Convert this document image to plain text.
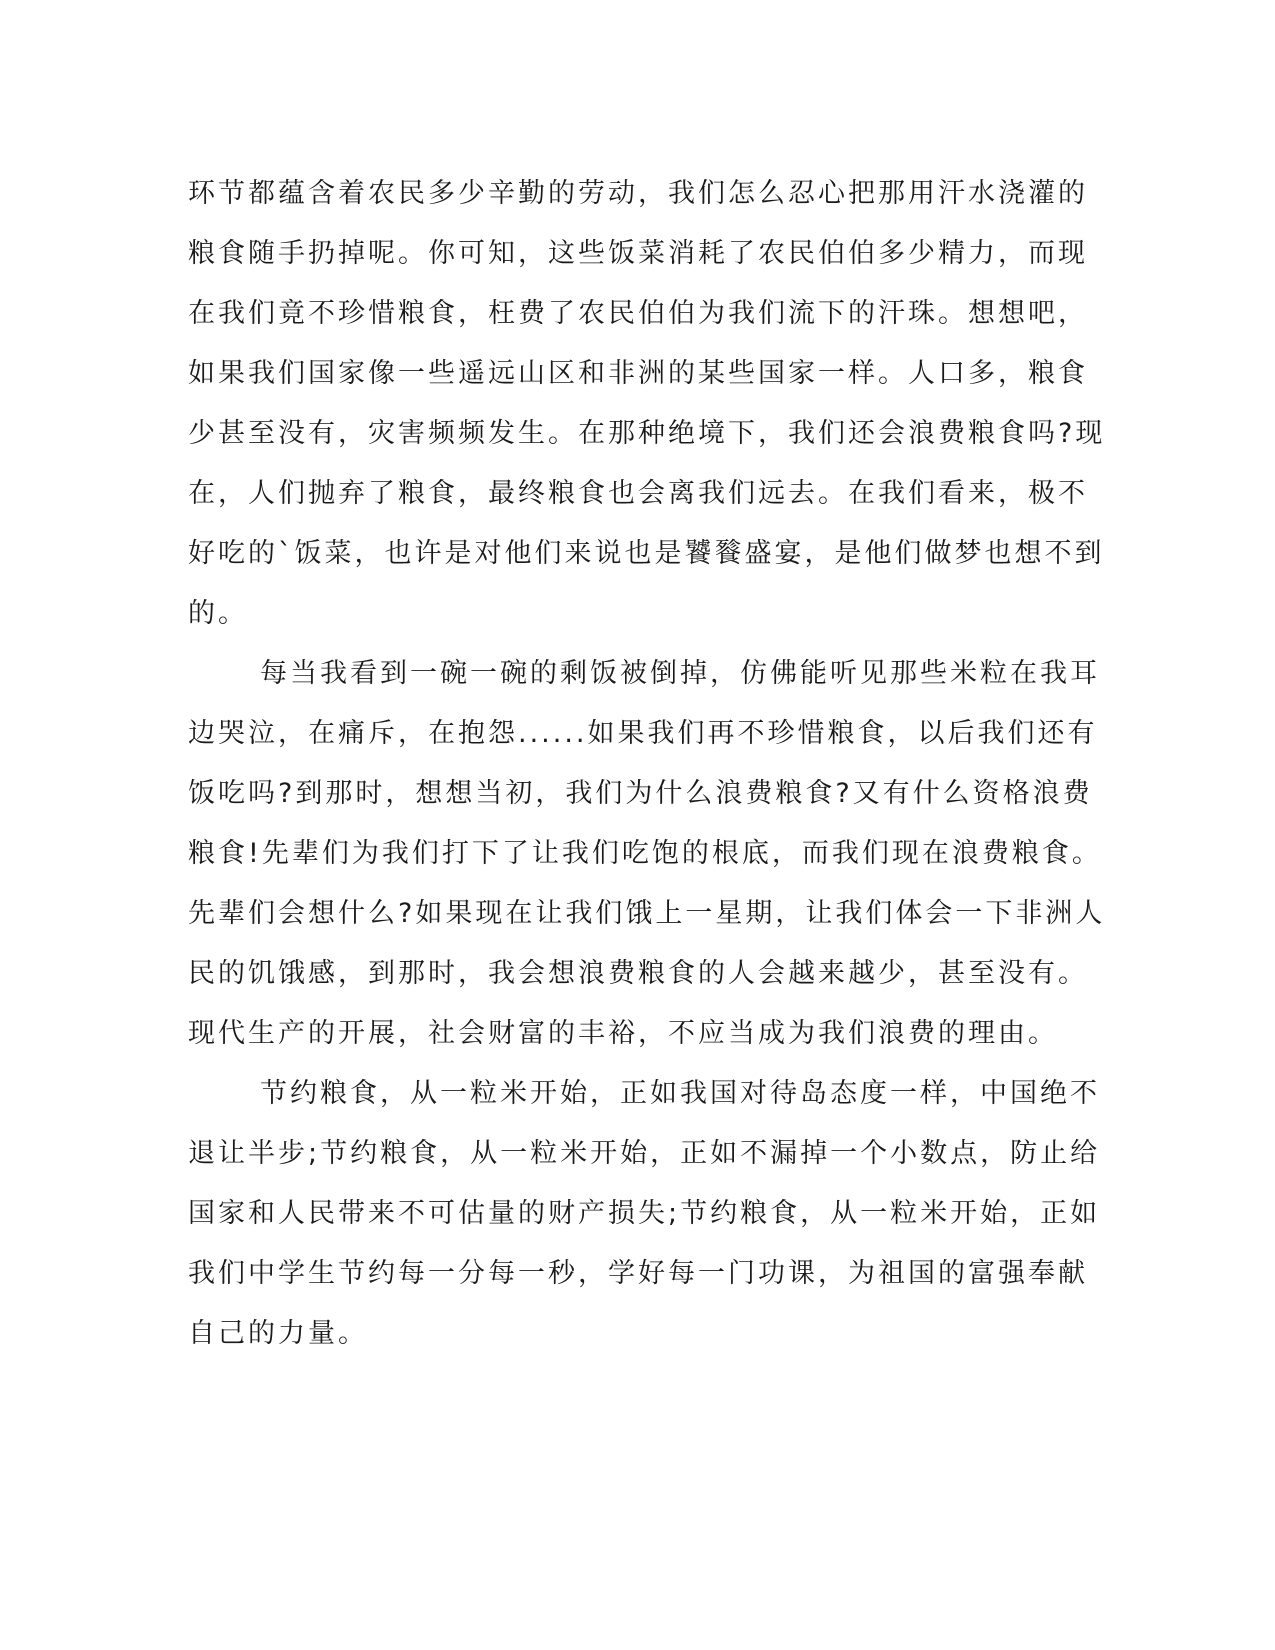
环节都蕴含着农民多少辛勤的劳动，我们怎么忍心把那用汗水浇灌的
粮食随手扔掉呢。你可知，这些饭菜消耗了农民伯伯多少精力，而现
在我们竟不珍惜粮食，枉费了农民伯伯为我们流下的汗珠。想想吧，
如果我们国家像一些遥远山区和非洲的某些国家一样。人口多，粮食
少甚至没有，灾害频频发生。在那种绝境下，我们还会浪费粮食吗?现
在，人们抛弃了粮食，最终粮食也会离我们远去。在我们看来，极不
好吃的`饭菜，也许是对他们来说也是饕餮盛宴，是他们做梦也想不到
的。
每当我看到一碗一碗的剩饭被倒掉，仿佛能听见那些米粒在我耳
边哭泣，在痛斥，在抱怨......如果我们再不珍惜粮食，以后我们还有
饭吃吗?到那时，想想当初，我们为什么浪费粮食?又有什么资格浪费
粮食!先辈们为我们打下了让我们吃饱的根底，而我们现在浪费粮食。
先辈们会想什么?如果现在让我们饿上一星期，让我们体会一下非洲人
民的饥饿感，到那时，我会想浪费粮食的人会越来越少，甚至没有。
现代生产的开展，社会财富的丰裕，不应当成为我们浪费的理由。
节约粮食，从一粒米开始，正如我国对待岛态度一样，中国绝不
退让半步;节约粮食，从一粒米开始，正如不漏掉一个小数点，防止给
国家和人民带来不可估量的财产损失;节约粮食，从一粒米开始，正如
我们中学生节约每一分每一秒，学好每一门功课，为祖国的富强奉献
自己的力量。
